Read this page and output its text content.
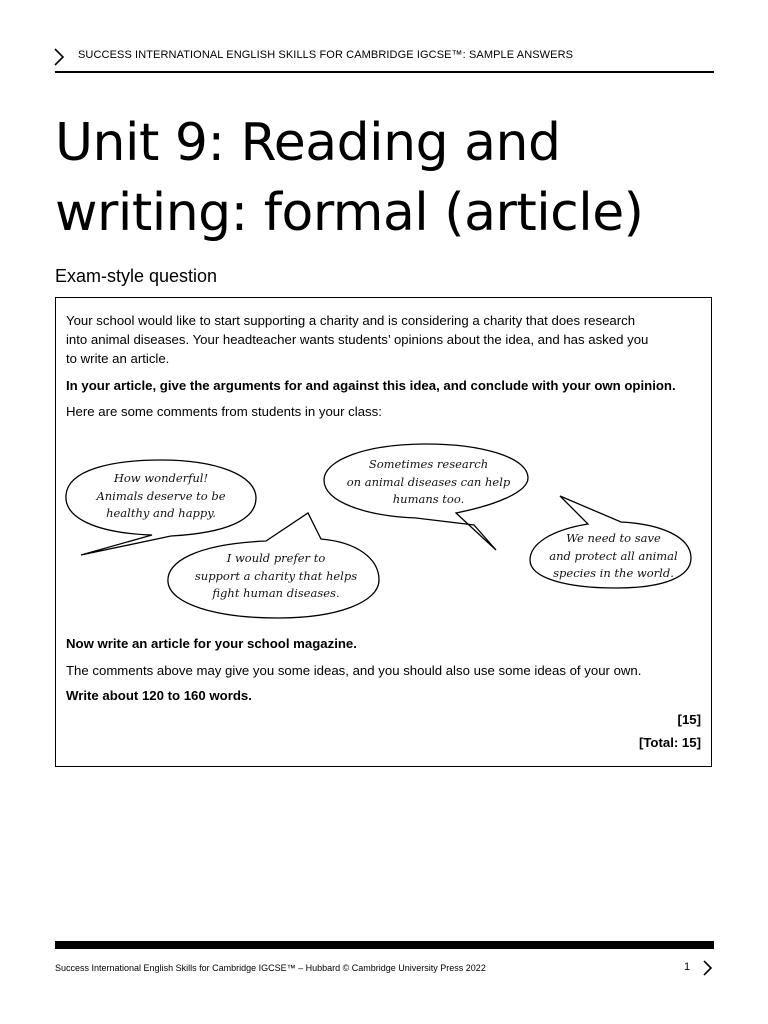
SUCCESS INTERNATIONAL ENGLISH SKILLS FOR CAMBRIDGE IGCSE™: SAMPLE ANSWERS
Unit 9: Reading and
writing: formal (article)
Exam-style question

Your school would like to start supporting a charity and is considering a charity that does research

into animal diseases. Your headteacher wants students’ opinions about the idea, and has asked you

to write an article.

In your article, give the arguments for and against this idea, and conclude with your own opinion.

Here are some comments from students in your class:

How wonderful!
Animals deserve to be
healthy and happy.
Sometimes research
on animal diseases can help
humans too.
I would prefer to
support a charity that helps
fight human diseases.
We need to save
and protect all animal
species in the world.

Now write an article for your school magazine.

The comments above may give you some ideas, and you should also use some ideas of your own.

Write about 120 to 160 words.

[15]

[Total: 15]

Success International English Skills for Cambridge IGCSE™ – Hubbard © Cambridge University Press 2022	1
